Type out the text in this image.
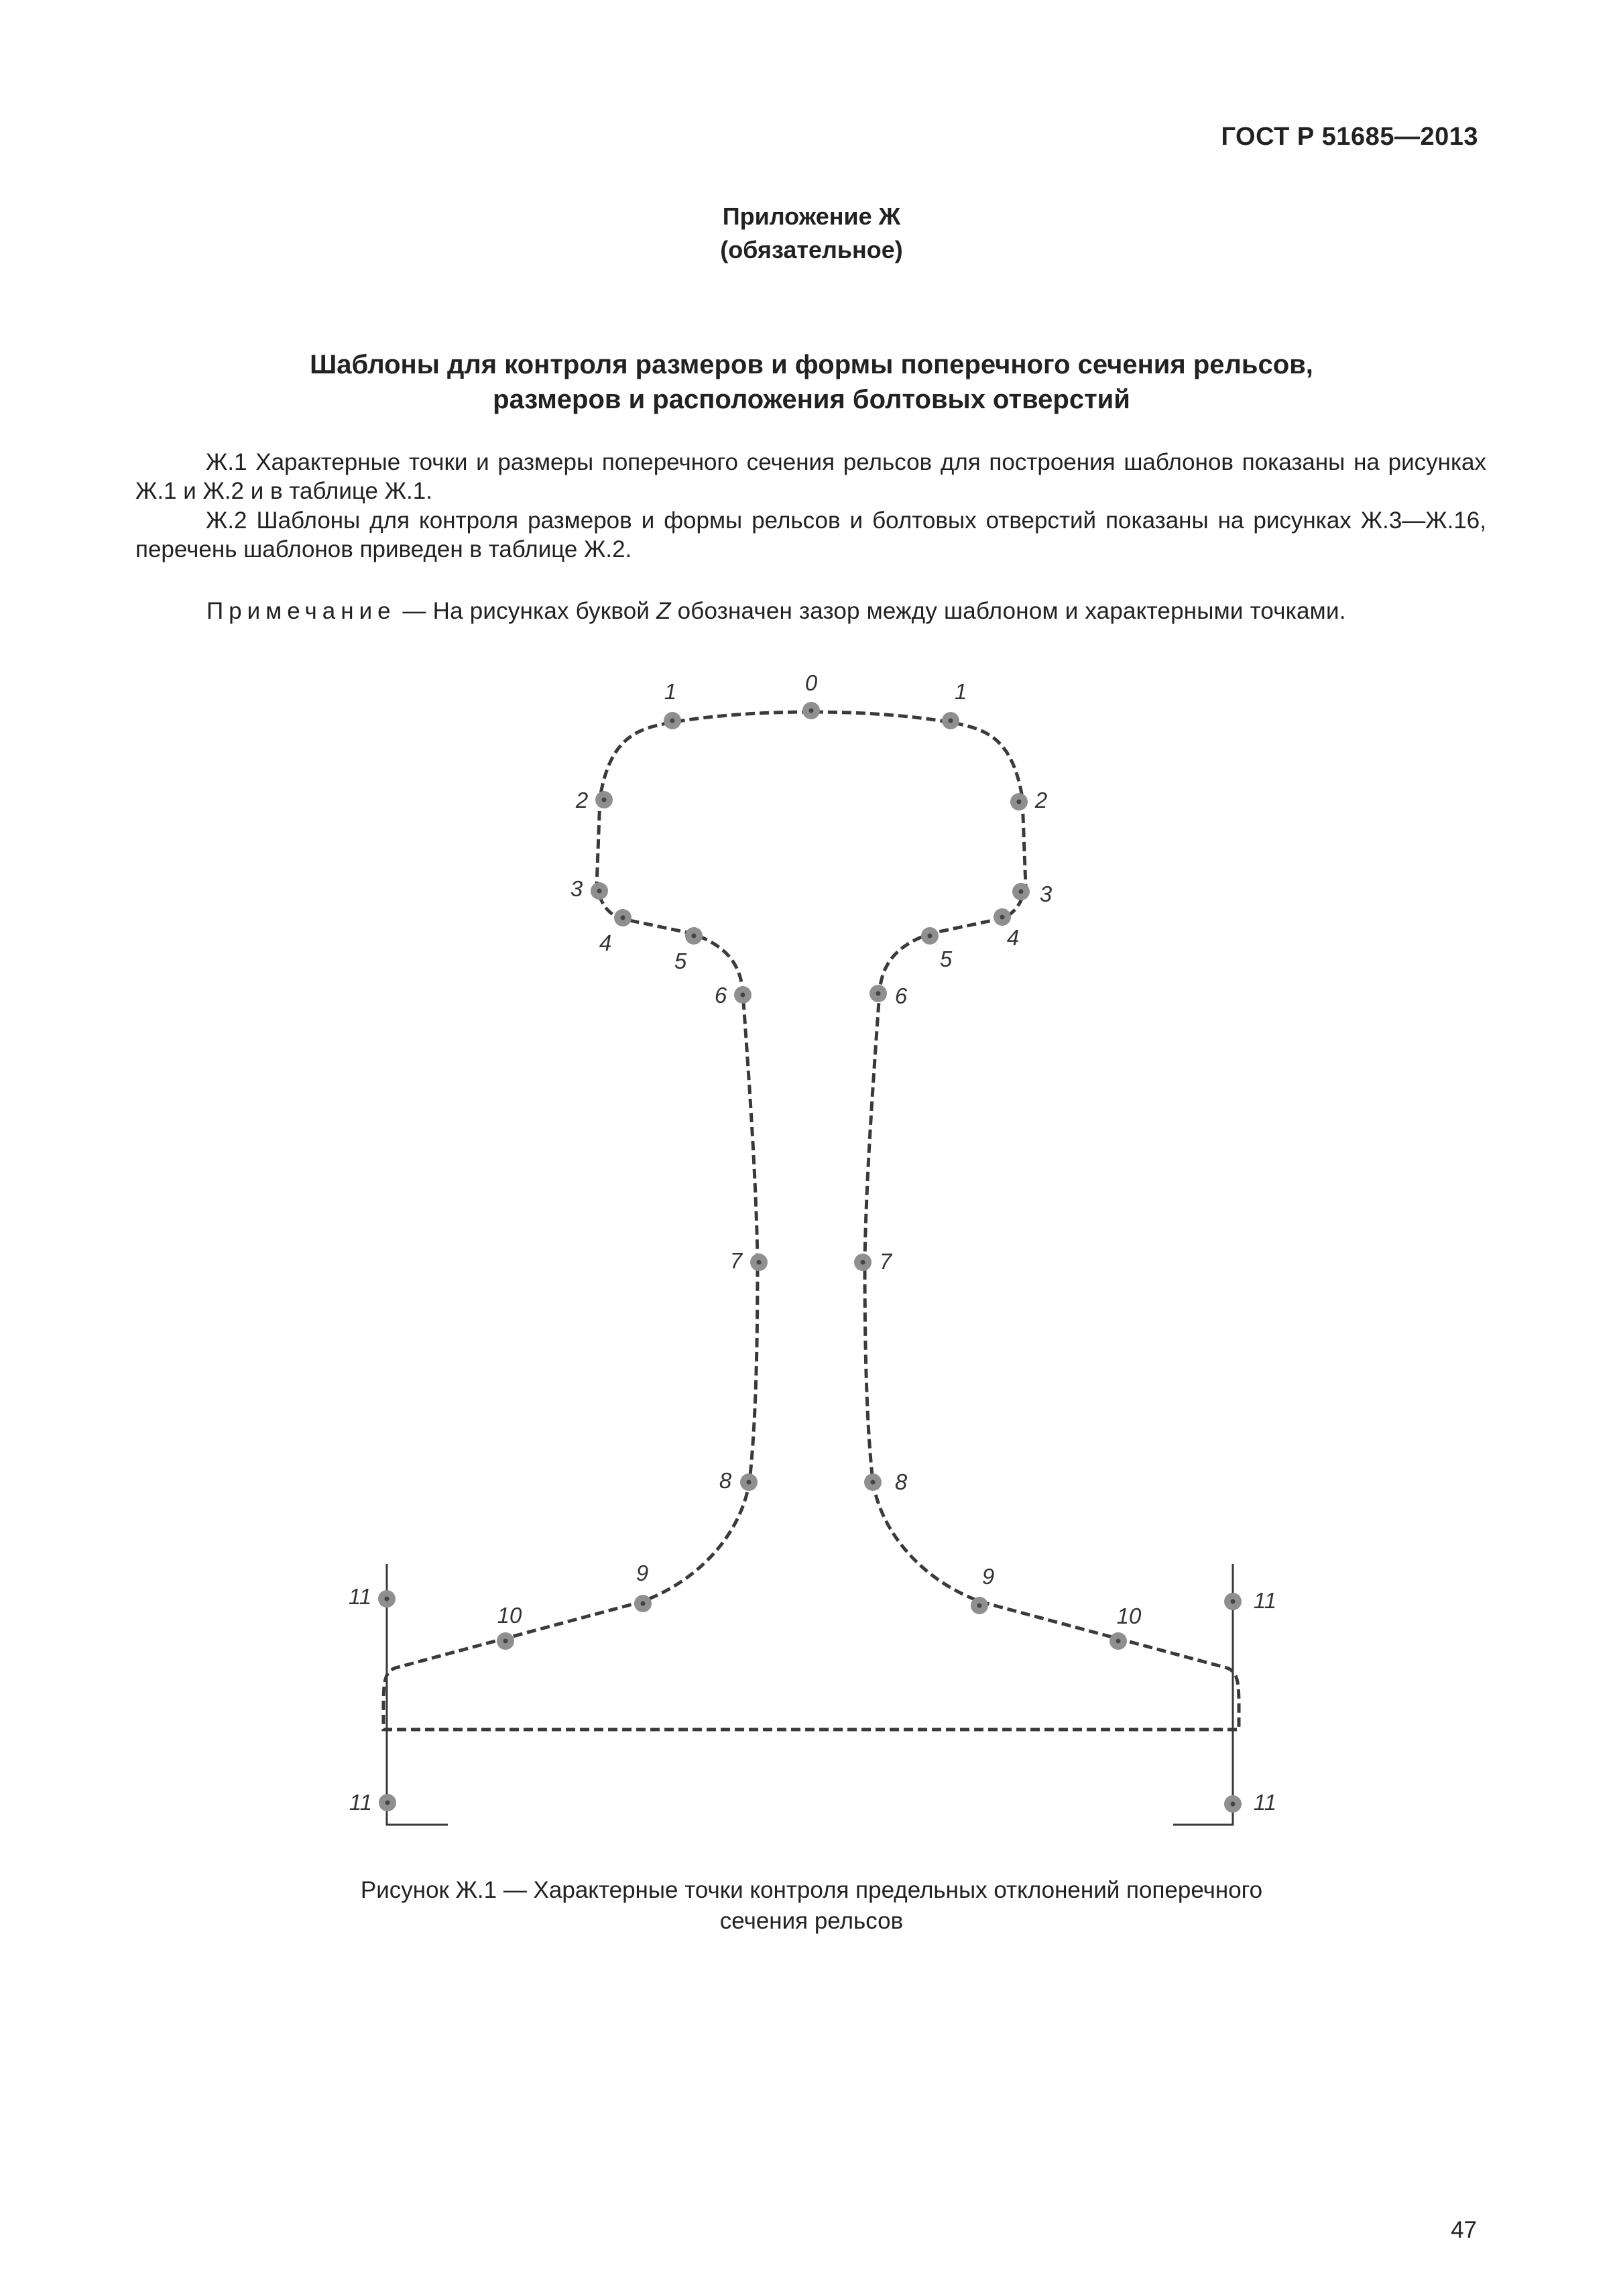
ГОСТ Р 51685—2013
Приложение Ж
(обязательное)
Шаблоны для контроля размеров и формы поперечного сечения рельсов,
размеров и расположения болтовых отверстий

Ж.1 Характерные точки и размеры поперечного сечения рельсов для построения шаблонов показаны на рисунках Ж.1 и Ж.2 и в таблице Ж.1.

Ж.2 Шаблоны для контроля размеров и формы рельсов и болтовых отверстий показаны на рисунках Ж.3—Ж.16, перечень шаблонов приведен в таблице Ж.2.

Примечание — На рисунках буквой Z обозначен зазор между шаблоном и характерными точками.
0
1	1
2	2
3	3
4	4
5	5
6	6
7	7
8	8
9	9
10	10
11	11
11	11
Рисунок Ж.1 — Характерные точки контроля предельных отклонений поперечного
сечения рельсов
47
